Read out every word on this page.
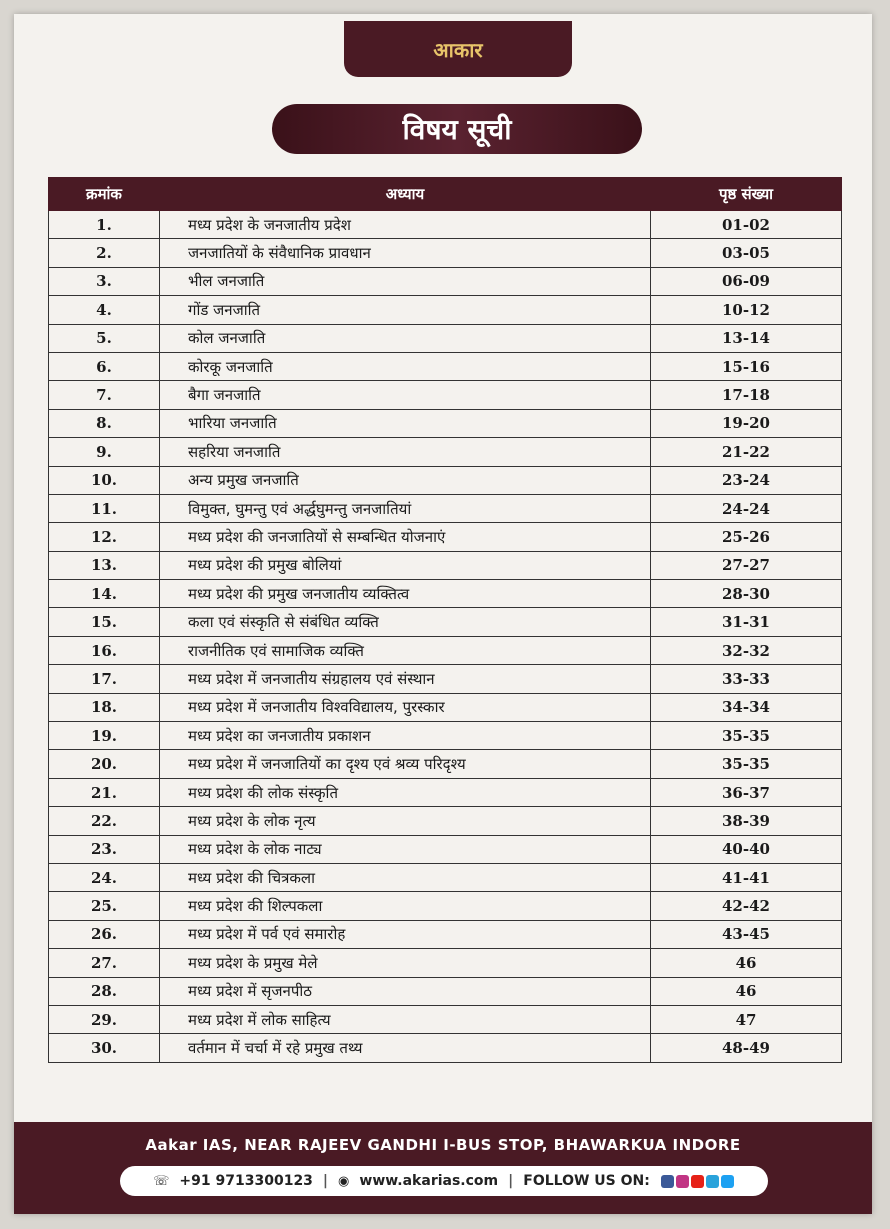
आकार
विषय सूची
क्रमांक	अध्याय	पृष्ठ संख्या
1.	मध्य प्रदेश के जनजातीय प्रदेश	01-02
2.	जनजातियों के संवैधानिक प्रावधान	03-05
3.	भील जनजाति	06-09
4.	गोंड जनजाति	10-12
5.	कोल जनजाति	13-14
6.	कोरकू जनजाति	15-16
7.	बैगा जनजाति	17-18
8.	भारिया जनजाति	19-20
9.	सहरिया जनजाति	21-22
10.	अन्य प्रमुख जनजाति	23-24
11.	विमुक्त, घुमन्तु एवं अर्द्धघुमन्तु जनजातियां	24-24
12.	मध्य प्रदेश की जनजातियों से सम्बन्धित योजनाएं	25-26
13.	मध्य प्रदेश की प्रमुख बोलियां	27-27
14.	मध्य प्रदेश की प्रमुख जनजातीय व्यक्तित्व	28-30
15.	कला एवं संस्कृति से संबंधित व्यक्ति	31-31
16.	राजनीतिक एवं सामाजिक व्यक्ति	32-32
17.	मध्य प्रदेश में जनजातीय संग्रहालय एवं संस्थान	33-33
18.	मध्य प्रदेश में जनजातीय विश्वविद्यालय, पुरस्कार	34-34
19.	मध्य प्रदेश का जनजातीय प्रकाशन	35-35
20.	मध्य प्रदेश में जनजातियों का दृश्य एवं श्रव्य परिदृश्य	35-35
21.	मध्य प्रदेश की लोक संस्कृति	36-37
22.	मध्य प्रदेश के लोक नृत्य	38-39
23.	मध्य प्रदेश के लोक नाट्य	40-40
24.	मध्य प्रदेश की चित्रकला	41-41
25.	मध्य प्रदेश की शिल्पकला	42-42
26.	मध्य प्रदेश में पर्व एवं समारोह	43-45
27.	मध्य प्रदेश के प्रमुख मेले	46
28.	मध्य प्रदेश में सृजनपीठ	46
29.	मध्य प्रदेश में लोक साहित्य	47
30.	वर्तमान में चर्चा में रहे प्रमुख तथ्य	48-49
Aakar IAS, NEAR RAJEEV GANDHI I-BUS STOP, BHAWARKUA INDORE
☏ +91 9713300123 | ◉ www.akarias.com | FOLLOW US ON:
